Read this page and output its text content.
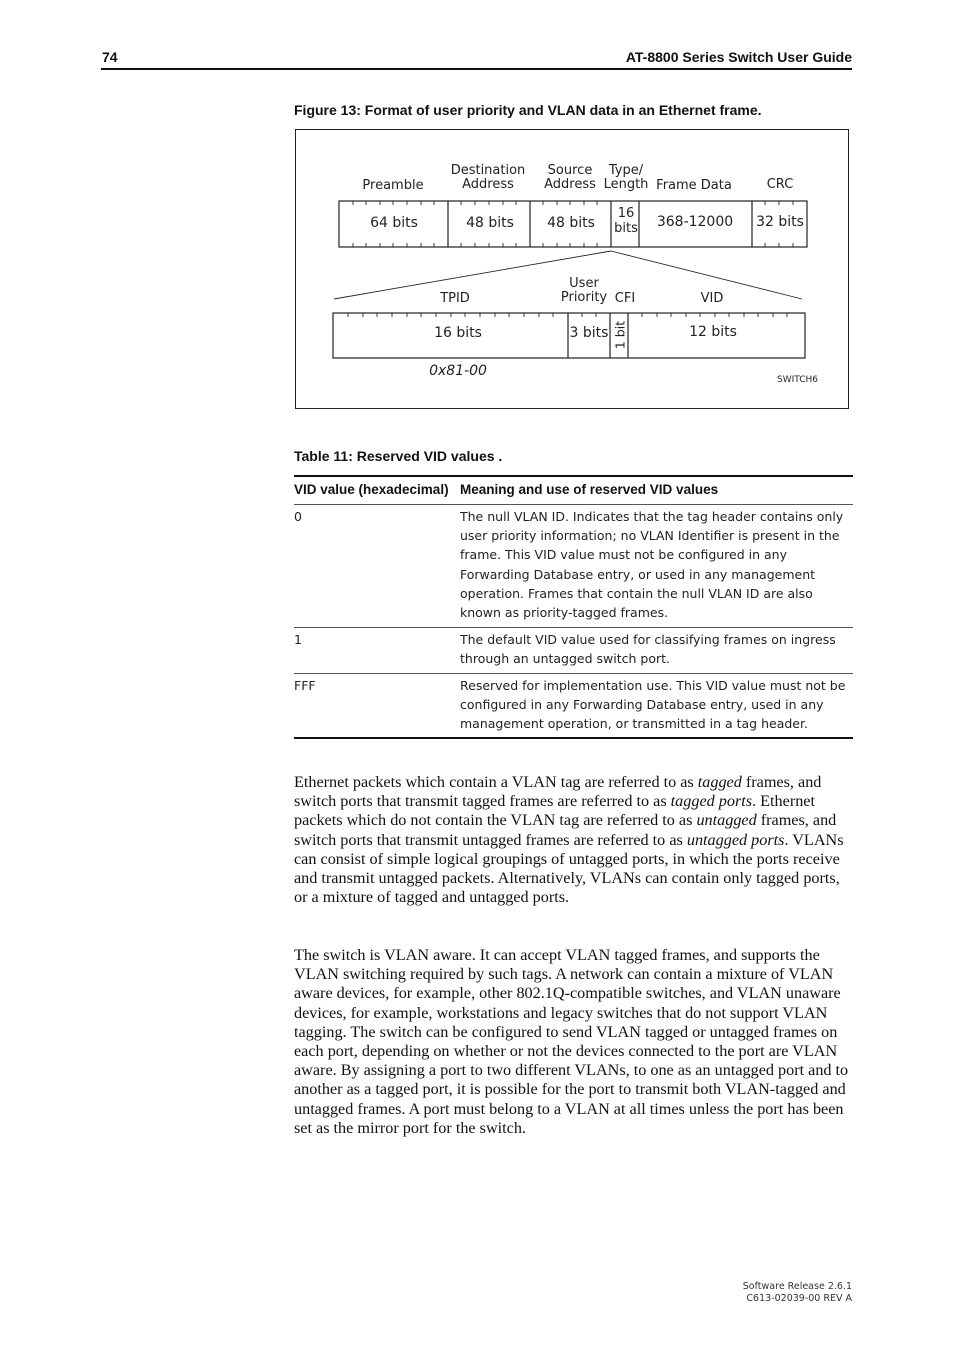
74	AT-8800 Series Switch User Guide
Figure 13: Format of user priority and VLAN data in an Ethernet frame.
Preamble
Destination
Address
Source
Address
Type/
Length Frame Data	CRC
64 bits	48 bits 48 bits
16
bits 368-12000 32 bits
TPID
User
Priority CFI	VID
16 bits	3 bits 1 bit	12 bits
0x81-00
SWITCH6
Table 11: Reserved VID values .
VID value (hexadecimal) Meaning and use of reserved VID values
0	The null VLAN ID. Indicates that the tag header contains only user priority information; no VLAN Identifier is present in the frame. This VID value must not be configured in any Forwarding Database entry, or used in any management operation. Frames that contain the null VLAN ID are also known as priority-tagged frames.
1	The default VID value used for classifying frames on ingress through an untagged switch port.
FFF	Reserved for implementation use. This VID value must not be configured in any Forwarding Database entry, used in any management operation, or transmitted in a tag header.
Ethernet packets which contain a VLAN tag are referred to as tagged frames, and switch ports that transmit tagged frames are referred to as tagged ports. Ethernet packets which do not contain the VLAN tag are referred to as untagged frames, and switch ports that transmit untagged frames are referred to as untagged ports. VLANs can consist of simple logical groupings of untagged ports, in which the ports receive and transmit untagged packets. Alternatively, VLANs can contain only tagged ports, or a mixture of tagged and untagged ports.
The switch is VLAN aware. It can accept VLAN tagged frames, and supports the VLAN switching required by such tags. A network can contain a mixture of VLAN aware devices, for example, other 802.1Q-compatible switches, and VLAN unaware devices, for example, workstations and legacy switches that do not support VLAN tagging. The switch can be configured to send VLAN tagged or untagged frames on each port, depending on whether or not the devices connected to the port are VLAN aware. By assigning a port to two different VLANs, to one as an untagged port and to another as a tagged port, it is possible for the port to transmit both VLAN-tagged and untagged frames. A port must belong to a VLAN at all times unless the port has been set as the mirror port for the switch.
Software Release 2.6.1
C613-02039-00 REV A
